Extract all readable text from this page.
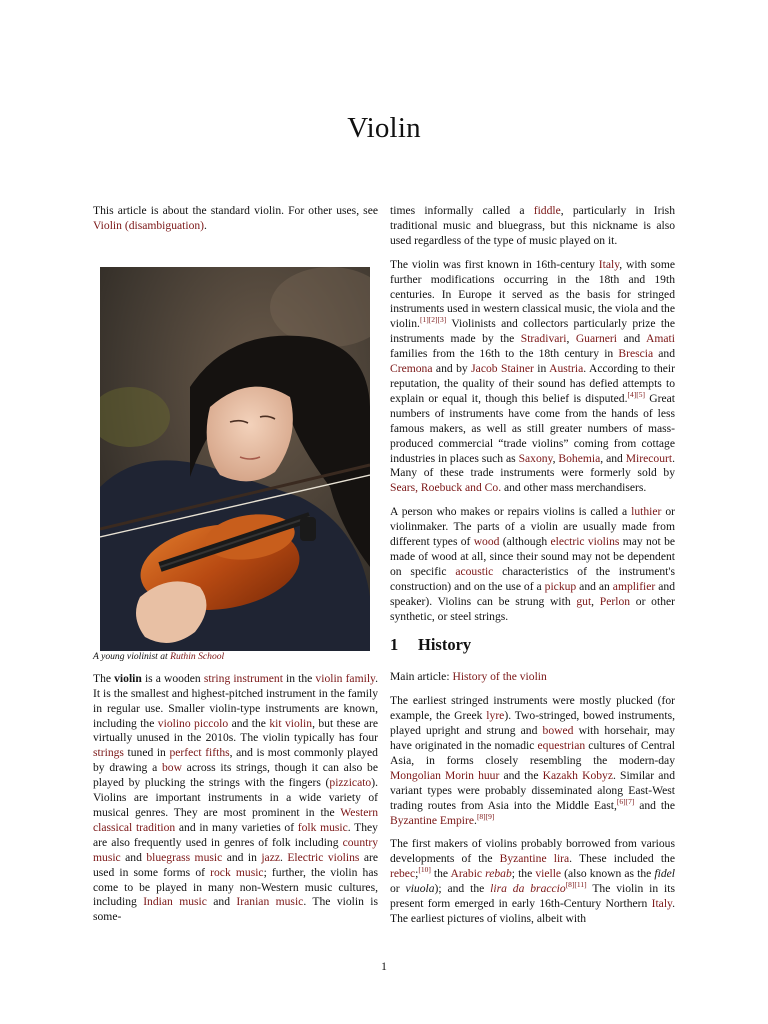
Violin

This article is about the standard violin. For other uses, see Violin (disambiguation).

A young violinist at Ruthin School

The violin is a wooden string instrument in the violin family. It is the smallest and highest-pitched instrument in the family in regular use. Smaller violin-type instruments are known, including the violino piccolo and the kit violin, but these are virtually unused in the 2010s. The violin typically has four strings tuned in perfect fifths, and is most commonly played by drawing a bow across its strings, though it can also be played by plucking the strings with the fingers (pizzicato). Violins are important instruments in a wide variety of musical genres. They are most prominent in the Western classical tradition and in many varieties of folk music. They are also frequently used in genres of folk including country music and bluegrass music and in jazz. Electric violins are used in some forms of rock music; further, the violin has come to be played in many non-Western music cultures, including Indian music and Iranian music. The violin is some-

times informally called a fiddle, particularly in Irish traditional music and bluegrass, but this nickname is also used regardless of the type of music played on it.

The violin was first known in 16th-century Italy, with some further modifications occurring in the 18th and 19th centuries. In Europe it served as the basis for stringed instruments used in western classical music, the viola and the violin.[1][2][3] Violinists and collectors particularly prize the instruments made by the Stradivari, Guarneri and Amati families from the 16th to the 18th century in Brescia and Cremona and by Jacob Stainer in Austria. According to their reputation, the quality of their sound has defied attempts to explain or equal it, though this belief is disputed.[4][5] Great numbers of instruments have come from the hands of less famous makers, as well as still greater numbers of mass-produced commercial “trade violins” coming from cottage industries in places such as Saxony, Bohemia, and Mirecourt. Many of these trade instruments were formerly sold by Sears, Roebuck and Co. and other mass merchandisers.

A person who makes or repairs violins is called a luthier or violinmaker. The parts of a violin are usually made from different types of wood (although electric violins may not be made of wood at all, since their sound may not be dependent on specific acoustic characteristics of the instrument's construction) and on the use of a pickup and an amplifier and speaker). Violins can be strung with gut, Perlon or other synthetic, or steel strings.

1 History

Main article: History of the violin

The earliest stringed instruments were mostly plucked (for example, the Greek lyre). Two-stringed, bowed instruments, played upright and strung and bowed with horsehair, may have originated in the nomadic equestrian cultures of Central Asia, in forms closely resembling the modern-day Mongolian Morin huur and the Kazakh Kobyz. Similar and variant types were probably disseminated along East-West trading routes from Asia into the Middle East,[6][7] and the Byzantine Empire.[8][9]

The first makers of violins probably borrowed from various developments of the Byzantine lira. These included the rebec;[10] the Arabic rebab; the vielle (also known as the fidel or viuola); and the lira da braccio[8][11] The violin in its present form emerged in early 16th-Century Northern Italy. The earliest pictures of violins, albeit with

1
